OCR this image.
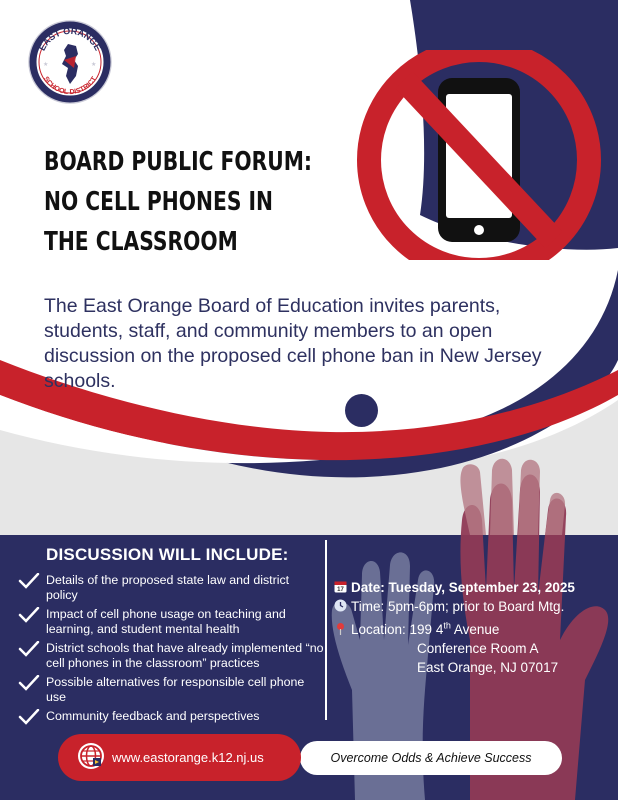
EAST ORANGE
SCHOOL DISTRICT
★	★
BOARD PUBLIC FORUM:
NO CELL PHONES IN
THE CLASSROOM
The East Orange Board of Education invites parents, students, staff, and community members to an open discussion on the proposed cell phone ban in New Jersey schools.
DISCUSSION WILL INCLUDE:
Details of the proposed state law and district policy
Impact of cell phone usage on teaching and learning, and student mental health
District schools that have already implemented “no cell phones in the classroom” practices
Possible alternatives for responsible cell phone use
Community feedback and perspectives
17 Date: Tuesday, September 23, 2025
Time: 5pm-6pm; prior to Board Mtg.
Location: 199 4th Avenue
Conference Room A
East Orange, NJ 07017
Overcome Odds & Achieve Success
www.eastorange.k12.nj.us
